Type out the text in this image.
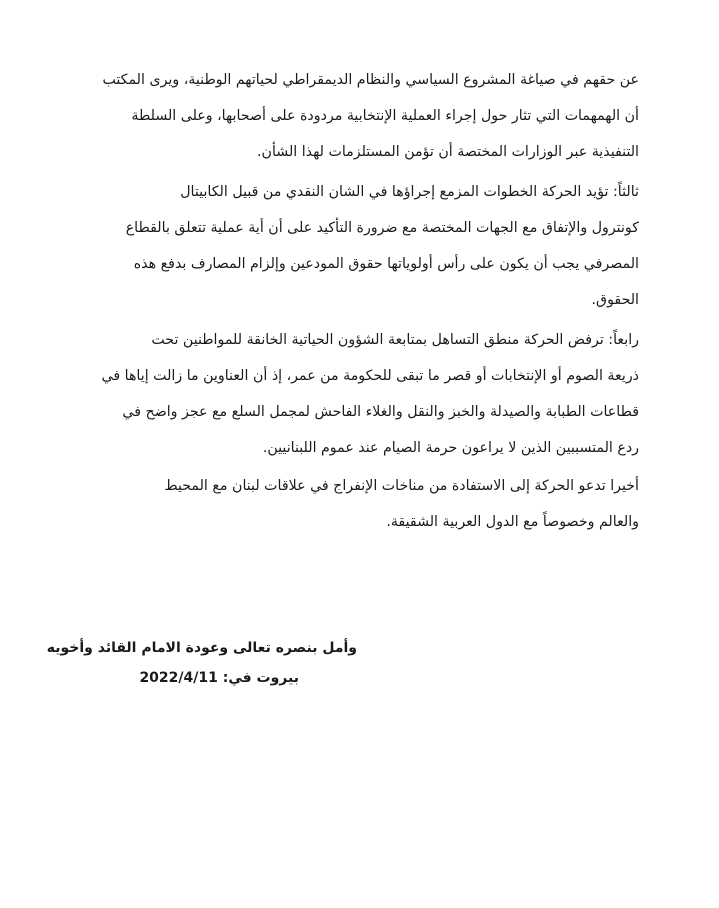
عن حقهم في صياغة المشروع السياسي والنظام الديمقراطي لحياتهم الوطنية، ويرى المكتب
أن الهمهمات التي تثار حول إجراء العملية الإنتخابية مردودة على أصحابها، وعلى السلطة
التنفيذية عبر الوزارات المختصة أن تؤمن المستلزمات لهذا الشأن.
ثالثاً: تؤيد الحركة الخطوات المزمع إجراؤها في الشان النقدي من قبيل الكابيتال
كونترول والإتفاق مع الجهات المختصة مع ضرورة التأكيد على أن أية عملية تتعلق بالقطاع
المصرفي يجب أن يكون على رأس أولوياتها حقوق المودعين وإلزام المصارف بدفع هذه
الحقوق.
رابعاً: ترفض الحركة منطق التساهل بمتابعة الشؤون الحياتية الخانقة للمواطنين تحت
ذريعة الصوم أو الإنتخابات أو قصر ما تبقى للحكومة من عمر، إذ أن العناوين ما زالت إياها في
قطاعات الطبابة والصيدلة والخبز والنقل والغلاء الفاحش لمجمل السلع مع عجز واضح في
ردع المتسببين الذين لا يراعون حرمة الصيام عند عموم اللبنانيين.
أخيرا تدعو الحركة إلى الاستفادة من مناخات الإنفراج في علاقات لبنان مع المحيط
والعالم وخصوصاً مع الدول العربية الشقيقة.
وأمل بنصره تعالى وعودة الامام القائد وأخويه
بيروت في: 2022/4/11
